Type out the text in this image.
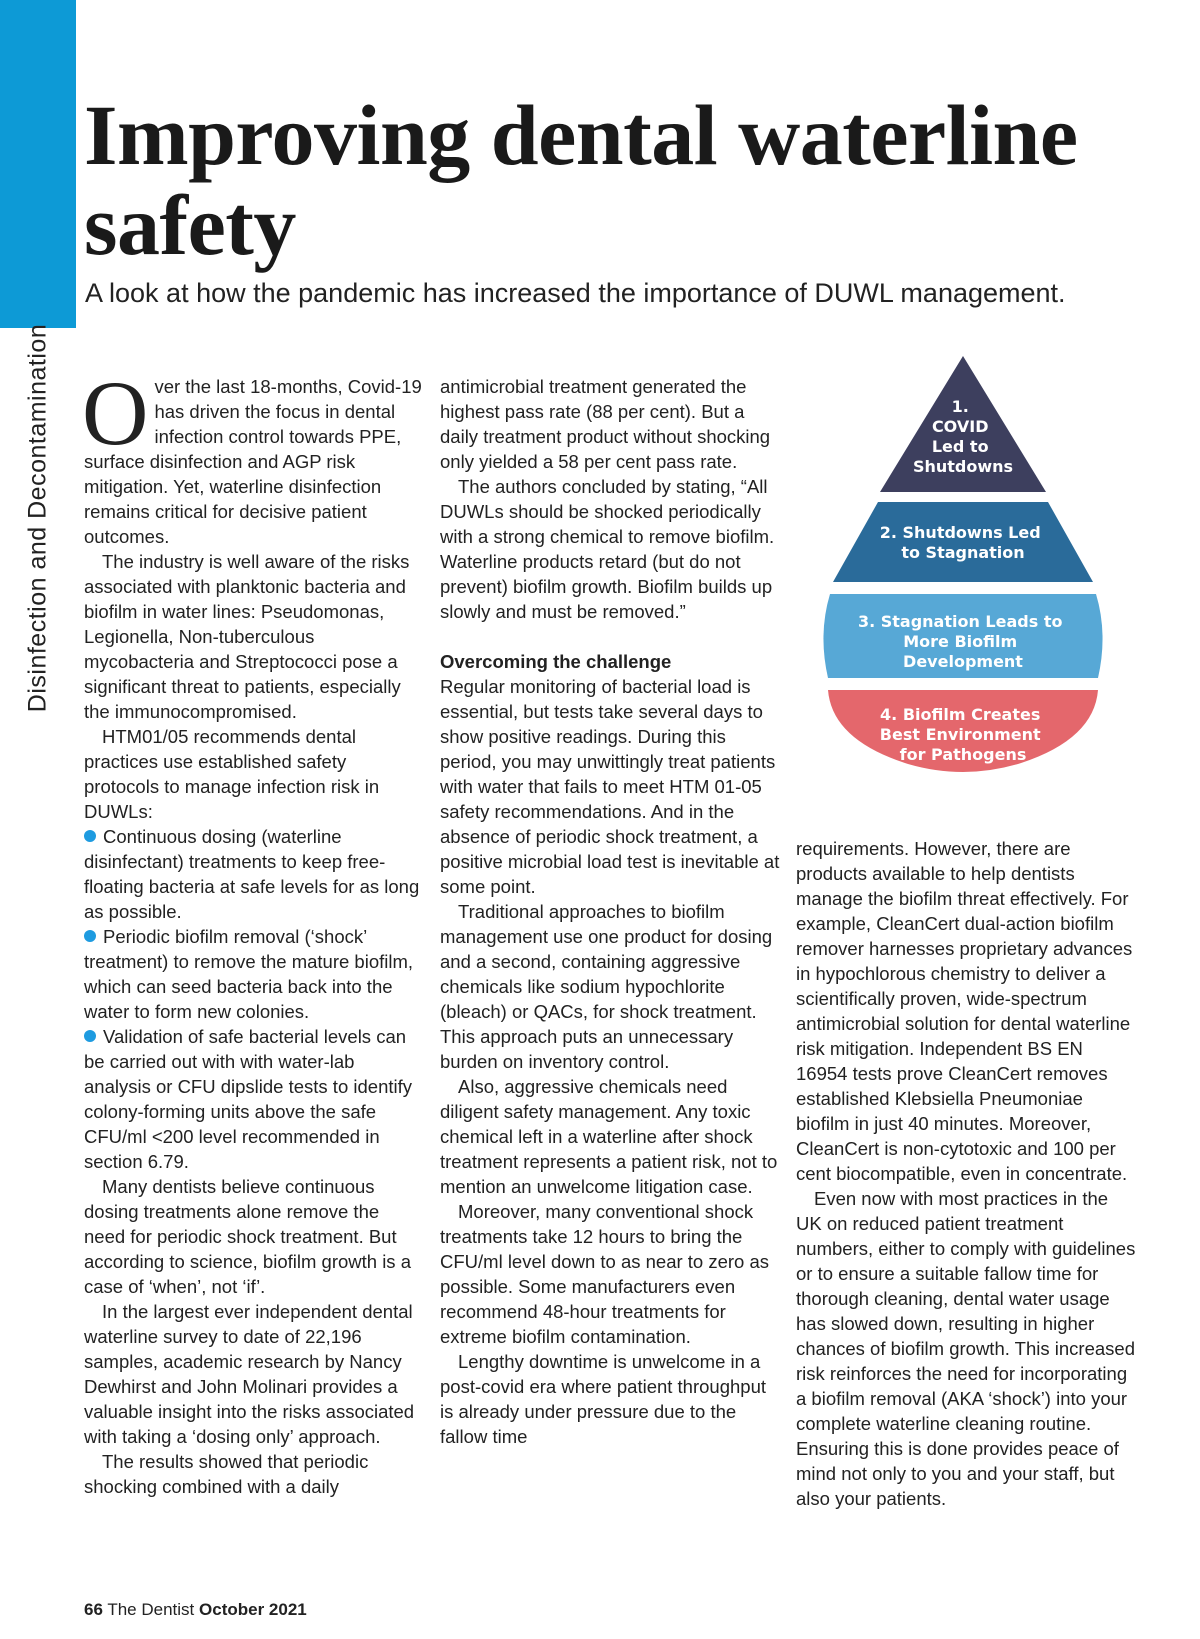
Disinfection and Decontamination
Improving dental waterline safety

A look at how the pandemic has increased the importance of DUWL management.

O ver the last 18-months, Covid-19 has driven the focus in dental infection control towards PPE, surface disinfection and AGP risk mitigation. Yet, waterline disinfection remains critical for decisive patient outcomes.

The industry is well aware of the risks associated with planktonic bacteria and biofilm in water lines: Pseudomonas, Legionella, Non-tuberculous mycobacteria and Streptococci pose a significant threat to patients, especially the immunocompromised.

HTM01/05 recommends dental practices use established safety protocols to manage infection risk in DUWLs:

Continuous dosing (waterline disinfectant) treatments to keep free-floating bacteria at safe levels for as long as possible.

Periodic biofilm removal (‘shock’ treatment) to remove the mature biofilm, which can seed bacteria back into the water to form new colonies.

Validation of safe bacterial levels can be carried out with with water-lab analysis or CFU dipslide tests to identify colony-forming units above the safe CFU/ml <200 level recommended in section 6.79.

Many dentists believe continuous dosing treatments alone remove the need for periodic shock treatment. But according to science, biofilm growth is a case of ‘when’, not ‘if’.

In the largest ever independent dental waterline survey to date of 22,196 samples, academic research by Nancy Dewhirst and John Molinari provides a valuable insight into the risks associated with taking a ‘dosing only’ approach.

The results showed that periodic shocking combined with a daily

antimicrobial treatment generated the highest pass rate (88 per cent). But a daily treatment product without shocking only yielded a 58 per cent pass rate.

The authors concluded by stating, “All DUWLs should be shocked periodically with a strong chemical to remove biofilm. Waterline products retard (but do not prevent) biofilm growth. Biofilm builds up slowly and must be removed.”

Overcoming the challenge

Regular monitoring of bacterial load is essential, but tests take several days to show positive readings. During this period, you may unwittingly treat patients with water that fails to meet HTM 01-05 safety recommendations. And in the absence of periodic shock treatment, a positive microbial load test is inevitable at some point.

Traditional approaches to biofilm management use one product for dosing and a second, containing aggressive chemicals like sodium hypochlorite (bleach) or QACs, for shock treatment. This approach puts an unnecessary burden on inventory control.

Also, aggressive chemicals need diligent safety management. Any toxic chemical left in a waterline after shock treatment represents a patient risk, not to mention an unwelcome litigation case.

Moreover, many conventional shock treatments take 12 hours to bring the CFU/ml level down to as near to zero as possible. Some manufacturers even recommend 48-hour treatments for extreme biofilm contamination.

Lengthy downtime is unwelcome in a post-covid era where patient throughput is already under pressure due to the fallow time

requirements. However, there are products available to help dentists manage the biofilm threat effectively. For example, CleanCert dual-action biofilm remover harnesses proprietary advances in hypochlorous chemistry to deliver a scientifically proven, wide-spectrum antimicrobial solution for dental waterline risk mitigation. Independent BS EN 16954 tests prove CleanCert removes established Klebsiella Pneumoniae biofilm in just 40 minutes. Moreover, CleanCert is non-cytotoxic and 100 per cent biocompatible, even in concentrate.

Even now with most practices in the UK on reduced patient treatment numbers, either to comply with guidelines or to ensure a suitable fallow time for thorough cleaning, dental water usage has slowed down, resulting in higher chances of biofilm growth. This increased risk reinforces the need for incorporating a biofilm removal (AKA ‘shock’) into your complete waterline cleaning routine. Ensuring this is done provides peace of mind not only to you and your staff, but also your patients.

1. COVID Led to Shutdowns
2. Shutdowns Led to Stagnation
3. Stagnation Leads to More Biofilm Development
4. Biofilm Creates Best Environment for Pathogens
66 The Dentist October 2021
